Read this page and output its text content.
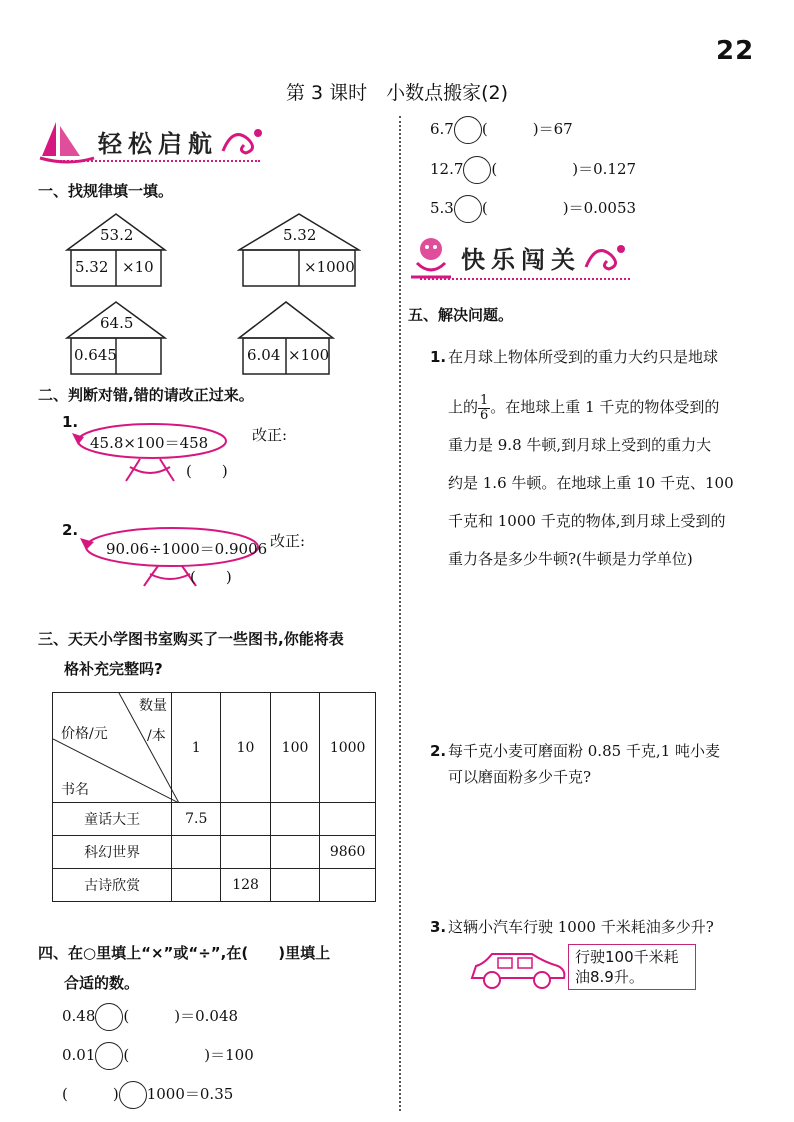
22
第 3 课时　小数点搬家(2)
轻松启航
一、找规律填一填。
53.2
5.32 ×10
5.32
×1000
64.5
0.645	6.04 ×100
二、判断对错,错的请改正过来。
1.
45.8×100＝458
(　　)
改正:
2.
90.06÷1000＝0.9006
(　　)
改正:
三、天天小学图书室购买了一些图书,你能将表
格补充完整吗?
数量
/本
价格/元
书名	1	10	100	1000
童话大王	7.5			
科幻世界				9860
古诗欣赏		128		
四、在○里填上“×”或“÷”,在(　　)里填上
合适的数。
0.48 (　　　)＝0.048
0.01 (　　　　　)＝100
(　　　) 1000＝0.35
6.7 (　　　)＝67
12.7 (　　　　　)＝0.127
5.3 (　　　　　)＝0.0053
快乐闯关
五、解决问题。
1. 在月球上物体所受到的重力大约只是地球
上的 $\frac{1}{6}$ 。在地球上重 1 千克的物体受到的
重力是 9.8 牛顿,到月球上受到的重力大
约是 1.6 牛顿。在地球上重 10 千克、100
千克和 1000 千克的物体,到月球上受到的
重力各是多少牛顿?(牛顿是力学单位)
2. 每千克小麦可磨面粉 0.85 千克,1 吨小麦
可以磨面粉多少千克?
3. 这辆小汽车行驶 1000 千米耗油多少升?
行驶100千米耗
油8.9升。
